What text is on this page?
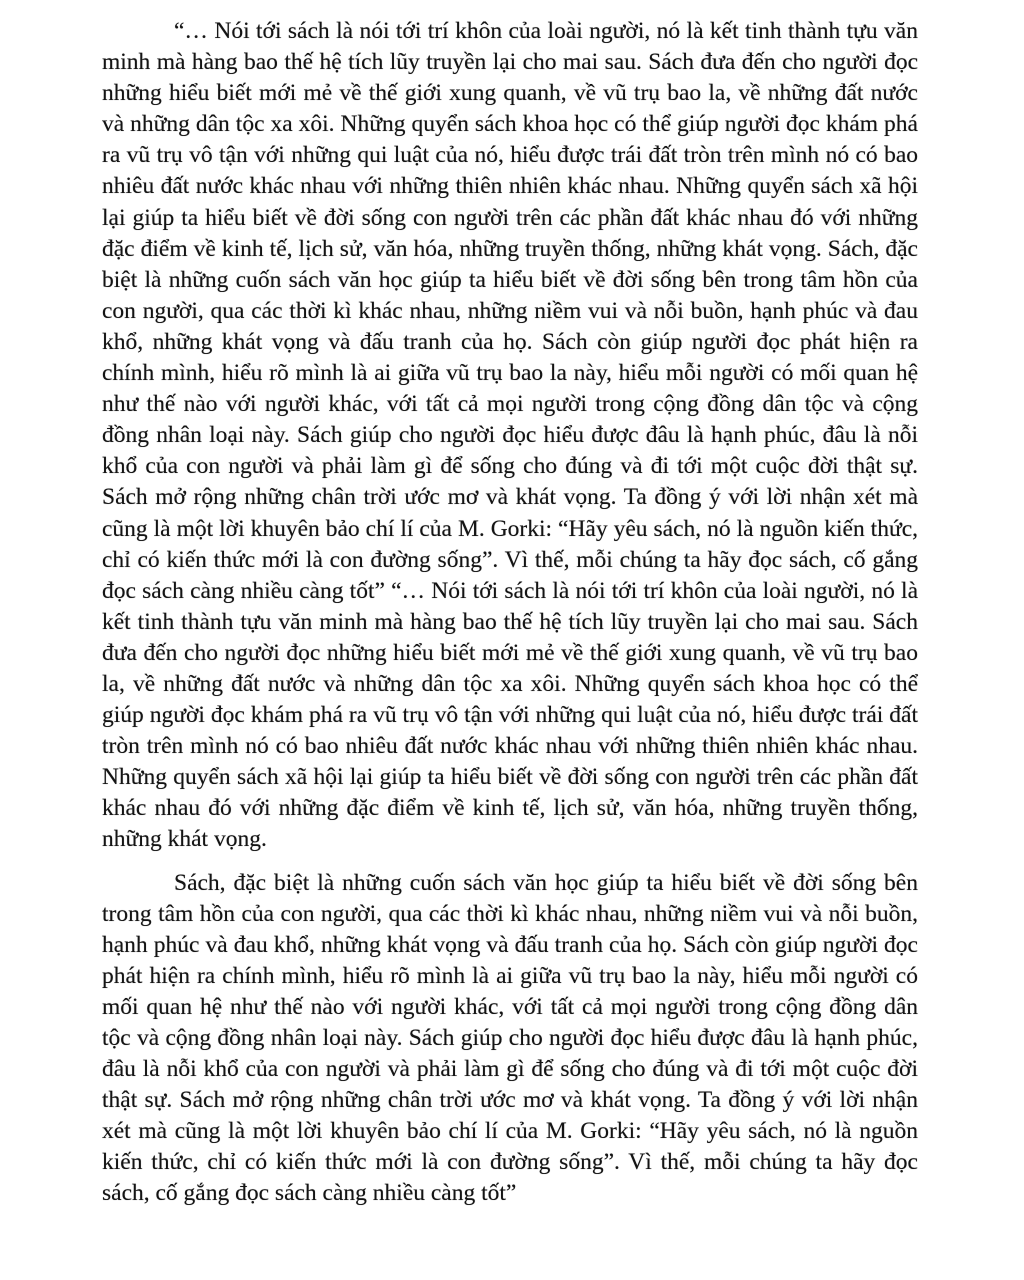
“… Nói tới sách là nói tới trí khôn của loài người, nó là kết tinh thành tựu văn minh mà hàng bao thế hệ tích lũy truyền lại cho mai sau. Sách đưa đến cho người đọc những hiểu biết mới mẻ về thế giới xung quanh, về vũ trụ bao la, về những đất nước và những dân tộc xa xôi. Những quyển sách khoa học có thể giúp người đọc khám phá ra vũ trụ vô tận với những qui luật của nó, hiểu được trái đất tròn trên mình nó có bao nhiêu đất nước khác nhau với những thiên nhiên khác nhau. Những quyển sách xã hội lại giúp ta hiểu biết về đời sống con người trên các phần đất khác nhau đó với những đặc điểm về kinh tế, lịch sử, văn hóa, những truyền thống, những khát vọng. Sách, đặc biệt là những cuốn sách văn học giúp ta hiểu biết về đời sống bên trong tâm hồn của con người, qua các thời kì khác nhau, những niềm vui và nỗi buồn, hạnh phúc và đau khổ, những khát vọng và đấu tranh của họ. Sách còn giúp người đọc phát hiện ra chính mình, hiểu rõ mình là ai giữa vũ trụ bao la này, hiểu mỗi người có mối quan hệ như thế nào với người khác, với tất cả mọi người trong cộng đồng dân tộc và cộng đồng nhân loại này. Sách giúp cho người đọc hiểu được đâu là hạnh phúc, đâu là nỗi khổ của con người và phải làm gì để sống cho đúng và đi tới một cuộc đời thật sự. Sách mở rộng những chân trời ước mơ và khát vọng. Ta đồng ý với lời nhận xét mà cũng là một lời khuyên bảo chí lí của M. Gorki: “Hãy yêu sách, nó là nguồn kiến thức, chỉ có kiến thức mới là con đường sống”. Vì thế, mỗi chúng ta hãy đọc sách, cố gắng đọc sách càng nhiều càng tốt” “… Nói tới sách là nói tới trí khôn của loài người, nó là kết tinh thành tựu văn minh mà hàng bao thế hệ tích lũy truyền lại cho mai sau. Sách đưa đến cho người đọc những hiểu biết mới mẻ về thế giới xung quanh, về vũ trụ bao la, về những đất nước và những dân tộc xa xôi. Những quyển sách khoa học có thể giúp người đọc khám phá ra vũ trụ vô tận với những qui luật của nó, hiểu được trái đất tròn trên mình nó có bao nhiêu đất nước khác nhau với những thiên nhiên khác nhau. Những quyển sách xã hội lại giúp ta hiểu biết về đời sống con người trên các phần đất khác nhau đó với những đặc điểm về kinh tế, lịch sử, văn hóa, những truyền thống, những khát vọng.

Sách, đặc biệt là những cuốn sách văn học giúp ta hiểu biết về đời sống bên trong tâm hồn của con người, qua các thời kì khác nhau, những niềm vui và nỗi buồn, hạnh phúc và đau khổ, những khát vọng và đấu tranh của họ. Sách còn giúp người đọc phát hiện ra chính mình, hiểu rõ mình là ai giữa vũ trụ bao la này, hiểu mỗi người có mối quan hệ như thế nào với người khác, với tất cả mọi người trong cộng đồng dân tộc và cộng đồng nhân loại này. Sách giúp cho người đọc hiểu được đâu là hạnh phúc, đâu là nỗi khổ của con người và phải làm gì để sống cho đúng và đi tới một cuộc đời thật sự. Sách mở rộng những chân trời ước mơ và khát vọng. Ta đồng ý với lời nhận xét mà cũng là một lời khuyên bảo chí lí của M. Gorki: “Hãy yêu sách, nó là nguồn kiến thức, chỉ có kiến thức mới là con đường sống”. Vì thế, mỗi chúng ta hãy đọc sách, cố gắng đọc sách càng nhiều càng tốt”
